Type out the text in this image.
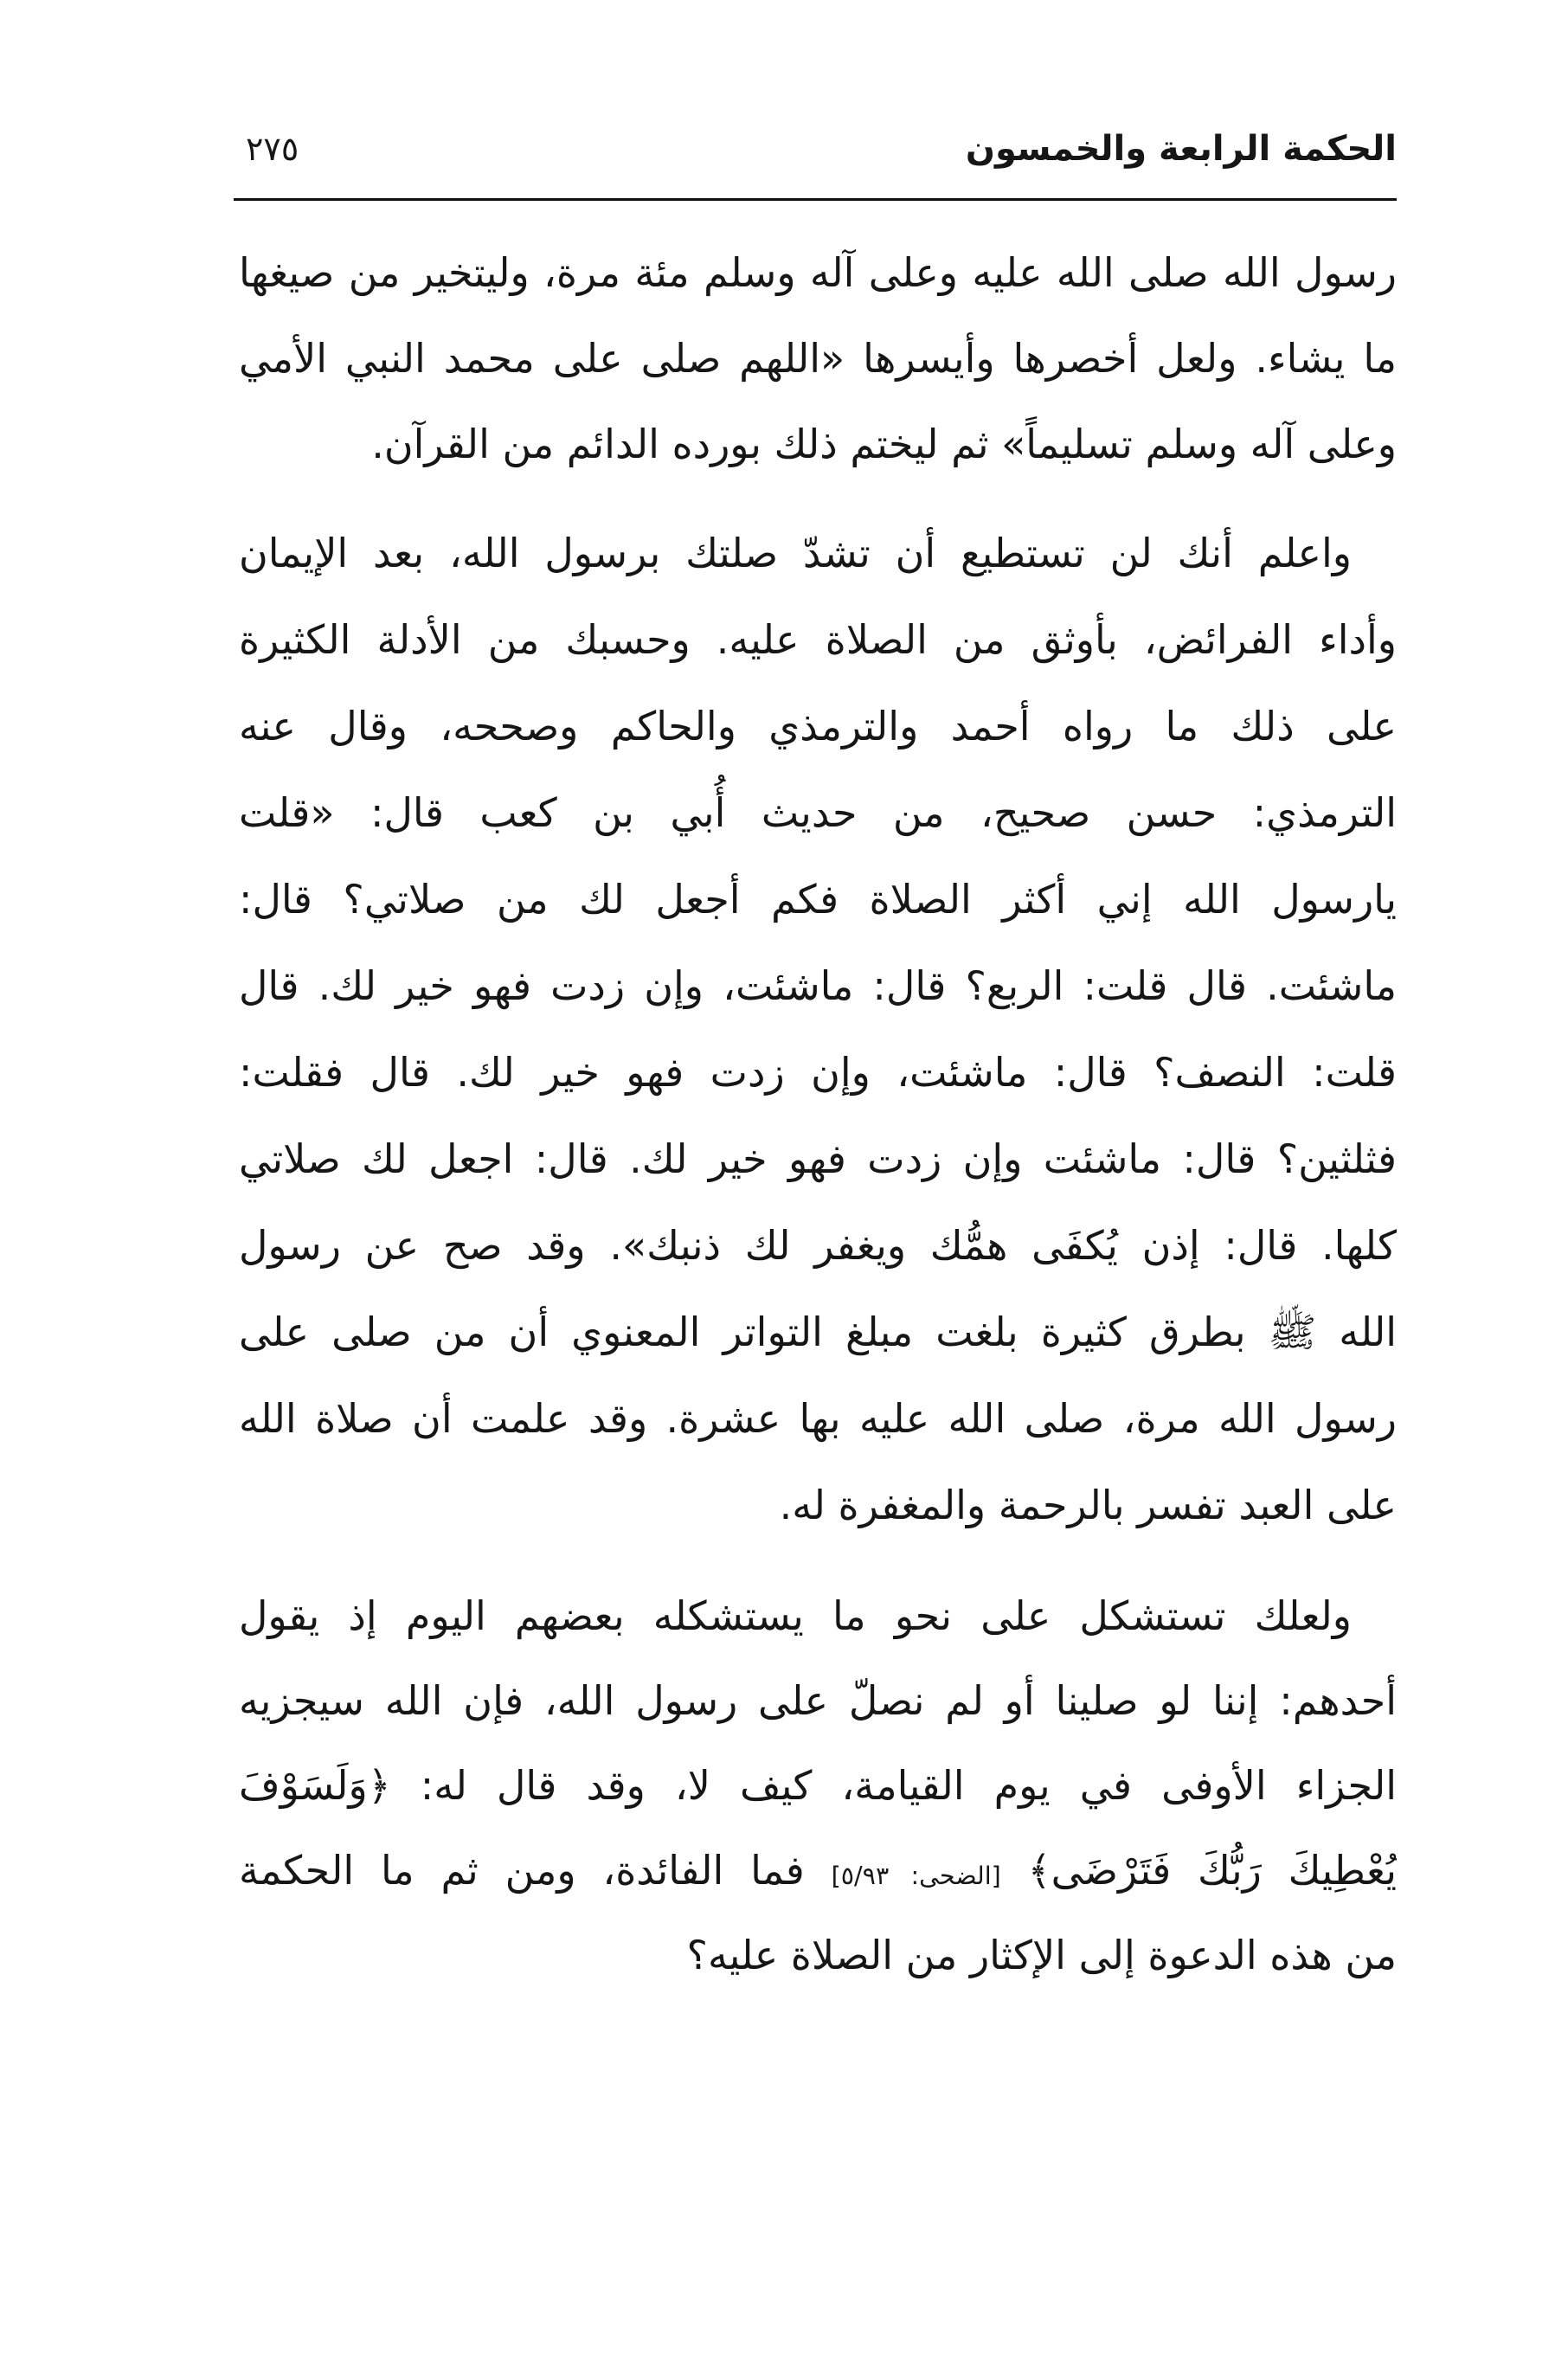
الحكمة الرابعة والخمسون
٢٧٥
رسول الله صلى الله عليه وعلى آله وسلم مئة مرة، وليتخير من صيغها
ما يشاء. ولعل أخصرها وأيسرها «اللهم صلى على محمد النبي الأمي
وعلى آله وسلم تسليماً» ثم ليختم ذلك بورده الدائم من القرآن.
واعلم أنك لن تستطيع أن تشدّ صلتك برسول الله، بعد الإيمان
وأداء الفرائض، بأوثق من الصلاة عليه. وحسبك من الأدلة الكثيرة
على ذلك ما رواه أحمد والترمذي والحاكم وصححه، وقال عنه
الترمذي: حسن صحيح، من حديث أُبي بن كعب قال: «قلت
يارسول الله إني أكثر الصلاة فكم أجعل لك من صلاتي؟ قال:
ماشئت. قال قلت: الربع؟ قال: ماشئت، وإن زدت فهو خير لك. قال
قلت: النصف؟ قال: ماشئت، وإن زدت فهو خير لك. قال فقلت:
فثلثين؟ قال: ماشئت وإن زدت فهو خير لك. قال: اجعل لك صلاتي
كلها. قال: إذن يُكفَى همُّك ويغفر لك ذنبك». وقد صح عن رسول
الله ﷺ بطرق كثيرة بلغت مبلغ التواتر المعنوي أن من صلى على
رسول الله مرة، صلى الله عليه بها عشرة. وقد علمت أن صلاة الله
على العبد تفسر بالرحمة والمغفرة له.
ولعلك تستشكل على نحو ما يستشكله بعضهم اليوم إذ يقول
أحدهم: إننا لو صلينا أو لم نصلّ على رسول الله، فإن الله سيجزيه
الجزاء الأوفى في يوم القيامة، كيف لا، وقد قال له: ﴿وَلَسَوْفَ
يُعْطِيكَ رَبُّكَ فَتَرْضَى﴾ [الضحى: ٥/٩٣] فما الفائدة، ومن ثم ما الحكمة
من هذه الدعوة إلى الإكثار من الصلاة عليه؟
